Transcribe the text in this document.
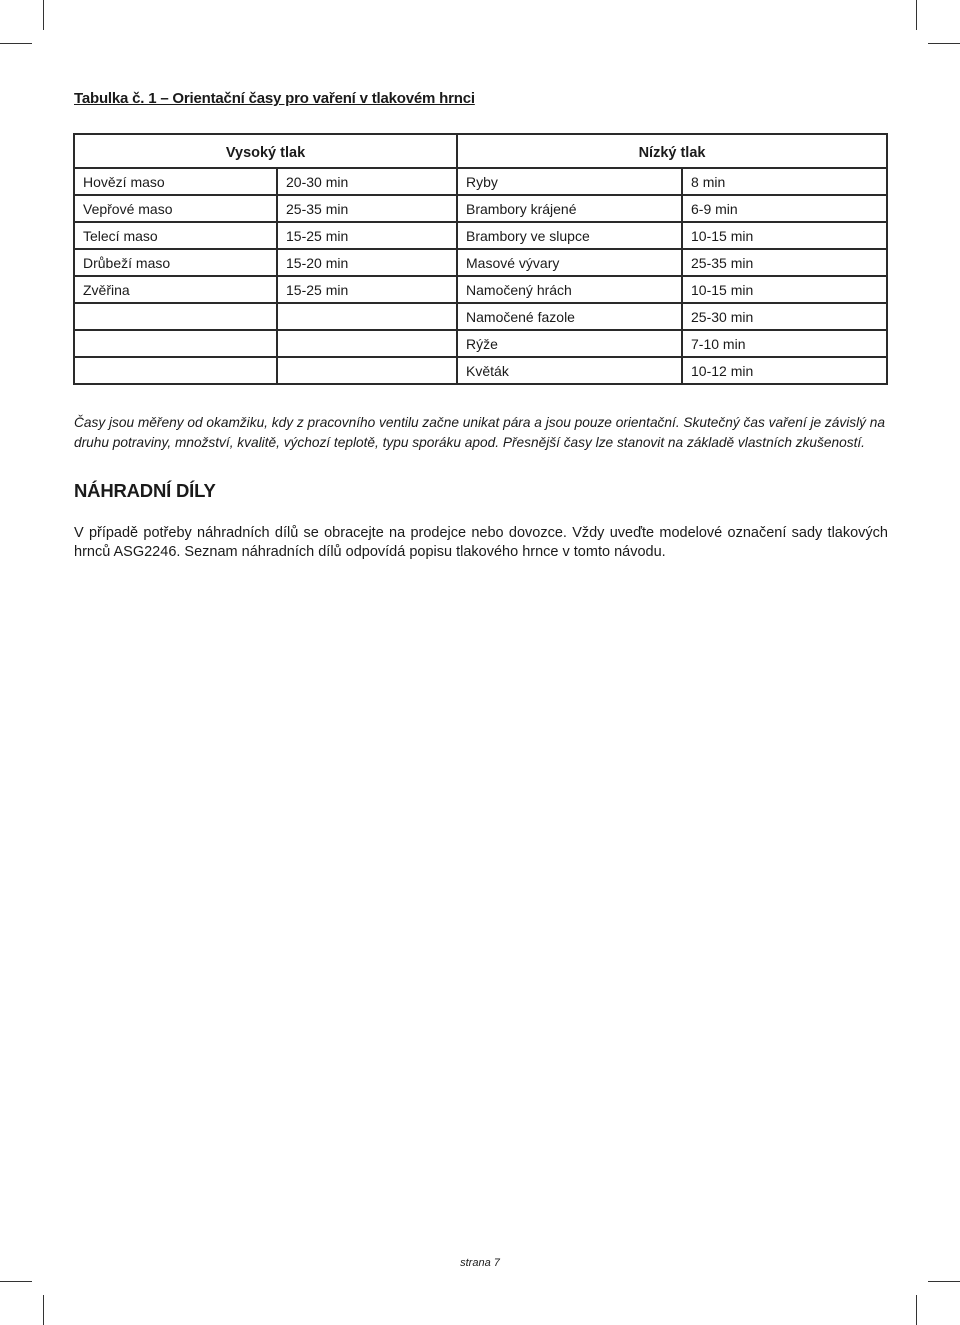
Tabulka č. 1 – Orientační časy pro vaření v tlakovém hrnci
Vysoký tlak		Nízký tlak	
Hovězí maso	20-30 min	Ryby	8 min
Vepřové maso	25-35 min	Brambory krájené	6-9 min
Telecí maso	15-25 min	Brambory ve slupce	10-15 min
Drůbeží maso	15-20 min	Masové vývary	25-35 min
Zvěřina	15-25 min	Namočený hrách	10-15 min
		Namočené fazole	25-30 min
		Rýže	7-10 min
		Květák	10-12 min
Časy jsou měřeny od okamžiku, kdy z pracovního ventilu začne unikat pára a jsou pouze orientační. Skutečný čas vaření je závislý na druhu potraviny, množství, kvalitě, výchozí teplotě, typu sporáku apod. Přesnější časy lze stanovit na základě vlastních zkušeností.
NÁHRADNÍ DÍLY
V případě potřeby náhradních dílů se obracejte na prodejce nebo dovozce. Vždy uveďte modelové označení sady tlakových hrnců ASG2246. Seznam náhradních dílů odpovídá popisu tlakového hrnce v tomto návodu.
strana 7
